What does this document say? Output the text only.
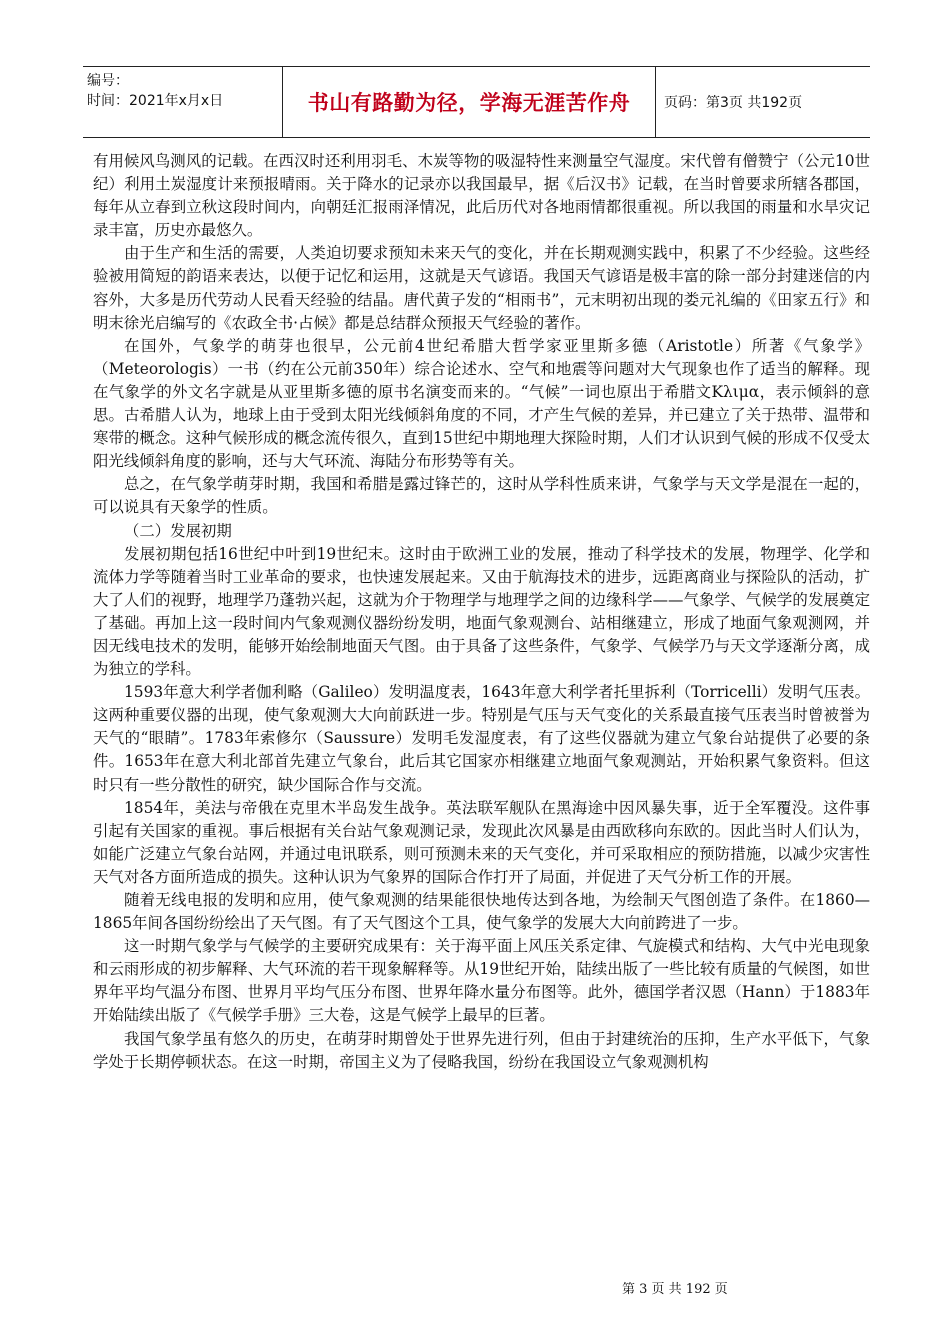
编号：
时间：2021年x月x日	书山有路勤为径，学海无涯苦作舟 页码：第3页 共192页

有用候风鸟测风的记载。在西汉时还利用羽毛、木炭等物的吸湿特性来测量空气湿度。宋代曾有僧赞宁（公元10世纪）利用土炭湿度计来预报晴雨。关于降水的记录亦以我国最早，据《后汉书》记载，在当时曾要求所辖各郡国，每年从立春到立秋这段时间内，向朝廷汇报雨泽情况，此后历代对各地雨情都很重视。所以我国的雨量和水旱灾记录丰富，历史亦最悠久。

由于生产和生活的需要，人类迫切要求预知未来天气的变化，并在长期观测实践中，积累了不少经验。这些经验被用简短的韵语来表达，以便于记忆和运用，这就是天气谚语。我国天气谚语是极丰富的除一部分封建迷信的内容外，大多是历代劳动人民看天经验的结晶。唐代黄子发的“相雨书”，元末明初出现的娄元礼编的《田家五行》和明末徐光启编写的《农政全书·占候》都是总结群众预报天气经验的著作。

在国外，气象学的萌芽也很早，公元前4世纪希腊大哲学家亚里斯多德（Aristotle）所著《气象学》（Meteorologis）一书（约在公元前350年）综合论述水、空气和地震等问题对大气现象也作了适当的解释。现在气象学的外文名字就是从亚里斯多德的原书名演变而来的。“气候”一词也原出于希腊文Κλιμα，表示倾斜的意思。古希腊人认为，地球上由于受到太阳光线倾斜角度的不同，才产生气候的差异，并已建立了关于热带、温带和寒带的概念。这种气候形成的概念流传很久，直到15世纪中期地理大探险时期，人们才认识到气候的形成不仅受太阳光线倾斜角度的影响，还与大气环流、海陆分布形势等有关。

总之，在气象学萌芽时期，我国和希腊是露过锋芒的，这时从学科性质来讲，气象学与天文学是混在一起的，可以说具有天象学的性质。

（二）发展初期

发展初期包括16世纪中叶到19世纪末。这时由于欧洲工业的发展，推动了科学技术的发展，物理学、化学和流体力学等随着当时工业革命的要求，也快速发展起来。又由于航海技术的进步，远距离商业与探险队的活动，扩大了人们的视野，地理学乃蓬勃兴起，这就为介于物理学与地理学之间的边缘科学——气象学、气候学的发展奠定了基础。再加上这一段时间内气象观测仪器纷纷发明，地面气象观测台、站相继建立，形成了地面气象观测网，并因无线电技术的发明，能够开始绘制地面天气图。由于具备了这些条件，气象学、气候学乃与天文学逐渐分离，成为独立的学科。

1593年意大利学者伽利略（Galileo）发明温度表，1643年意大利学者托里拆利（Torricelli）发明气压表。这两种重要仪器的出现，使气象观测大大向前跃进一步。特别是气压与天气变化的关系最直接气压表当时曾被誉为天气的“眼睛”。1783年索修尔（Saussure）发明毛发湿度表，有了这些仪器就为建立气象台站提供了必要的条件。1653年在意大利北部首先建立气象台，此后其它国家亦相继建立地面气象观测站，开始积累气象资料。但这时只有一些分散性的研究，缺少国际合作与交流。

1854年，美法与帝俄在克里木半岛发生战争。英法联军舰队在黑海途中因风暴失事，近于全军覆没。这件事引起有关国家的重视。事后根据有关台站气象观测记录，发现此次风暴是由西欧移向东欧的。因此当时人们认为，如能广泛建立气象台站网，并通过电讯联系，则可预测未来的天气变化，并可采取相应的预防措施，以减少灾害性天气对各方面所造成的损失。这种认识为气象界的国际合作打开了局面，并促进了天气分析工作的开展。

随着无线电报的发明和应用，使气象观测的结果能很快地传达到各地，为绘制天气图创造了条件。在1860—1865年间各国纷纷绘出了天气图。有了天气图这个工具，使气象学的发展大大向前跨进了一步。

这一时期气象学与气候学的主要研究成果有：关于海平面上风压关系定律、气旋模式和结构、大气中光电现象和云雨形成的初步解释、大气环流的若干现象解释等。从19世纪开始，陆续出版了一些比较有质量的气候图，如世界年平均气温分布图、世界月平均气压分布图、世界年降水量分布图等。此外，德国学者汉恩（Hann）于1883年开始陆续出版了《气候学手册》三大卷，这是气候学上最早的巨著。

我国气象学虽有悠久的历史，在萌芽时期曾处于世界先进行列，但由于封建统治的压抑，生产水平低下，气象学处于长期停顿状态。在这一时期，帝国主义为了侵略我国，纷纷在我国设立气象观测机构

第 3 页 共 192 页
